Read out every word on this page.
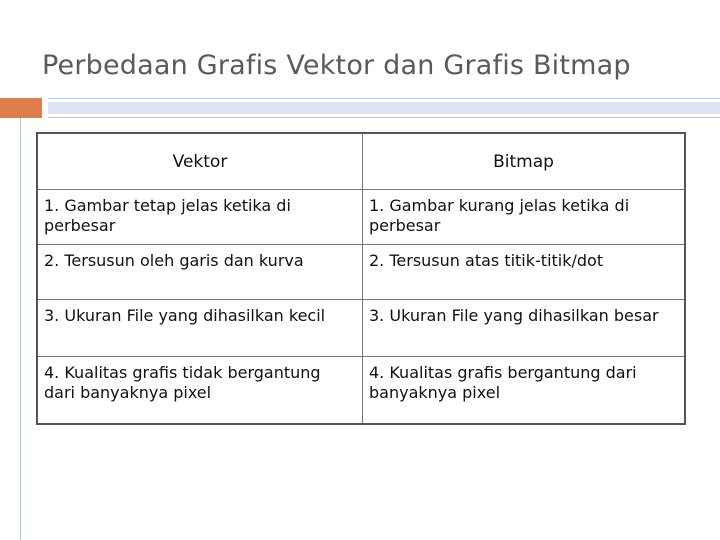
Perbedaan Grafis Vektor dan Grafis Bitmap
Vektor	Bitmap
1. Gambar tetap jelas ketika di perbesar	1. Gambar kurang jelas ketika di perbesar
2. Tersusun oleh garis dan kurva	2. Tersusun atas titik-titik/dot
3. Ukuran File yang dihasilkan kecil	3. Ukuran File yang dihasilkan besar
4. Kualitas grafis tidak bergantung dari banyaknya pixel	4. Kualitas grafis bergantung dari banyaknya pixel
